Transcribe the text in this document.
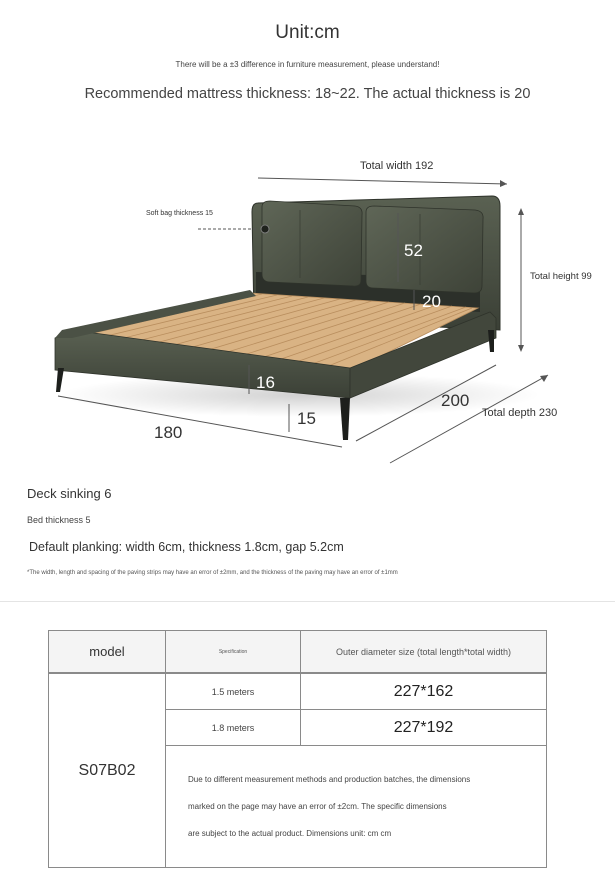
Unit:cm
There will be a ±3 difference in furniture measurement, please understand!
Recommended mattress thickness: 18~22. The actual thickness is 20
Total width 192
Soft bag thickness 15
Total height 99
52
20
16
15
180
200
Total depth 230
Deck sinking 6
Bed thickness 5
Default planking: width 6cm, thickness 1.8cm, gap 5.2cm
*The width, length and spacing of the paving strips may have an error of ±2mm, and the thickness of the paving may have an error of ±1mm
model	Specification	Outer diameter size (total length*total width)

S07B02	1.5 meters	227*162
	1.8 meters	227*192

	Due to different measurement methods and production batches, the dimensions
marked on the page may have an error of ±2cm. The specific dimensions
are subject to the actual product. Dimensions unit: cm cm	
